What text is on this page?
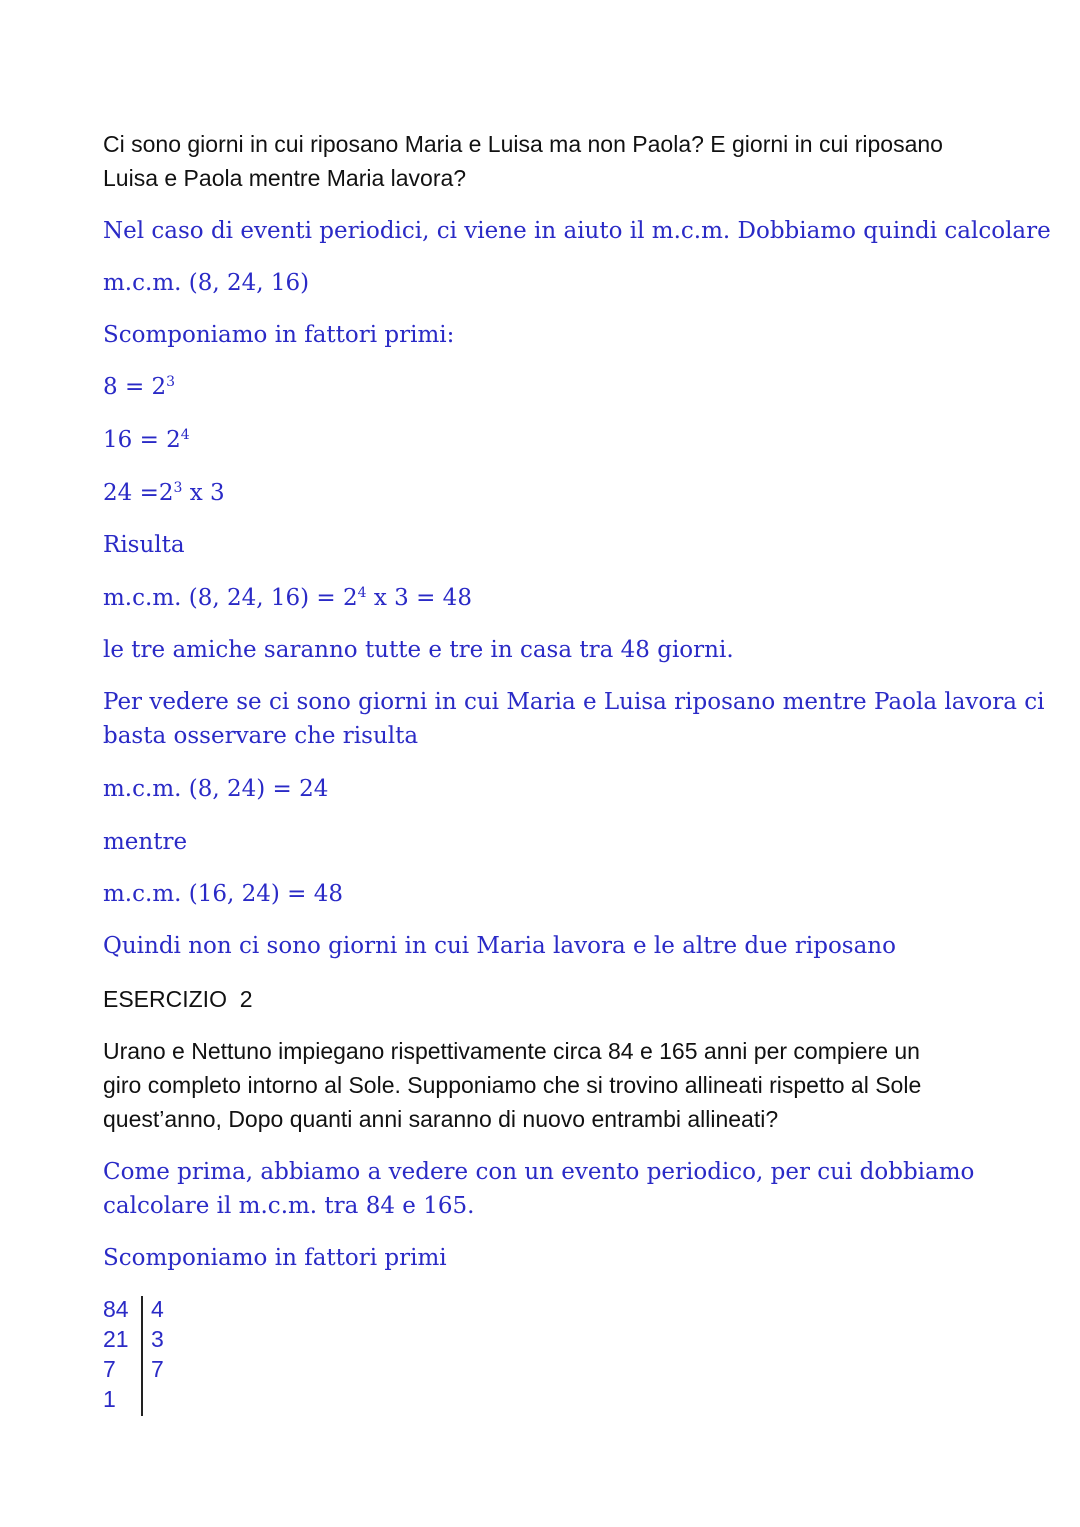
Ci sono giorni in cui riposano Maria e Luisa ma non Paola? E giorni in cui riposano
Luisa e Paola mentre Maria lavora?
Nel caso di eventi periodici, ci viene in aiuto il m.c.m. Dobbiamo quindi calcolare
m.c.m. (8, 24, 16)
Scomponiamo in fattori primi:
$8 = 2^3$
$16 = 2^4$
$24 =2^3$ x 3
Risulta
m.c.m. (8, 24, $16) = 2^4$ x 3 = 48
le tre amiche saranno tutte e tre in casa tra 48 giorni.
Per vedere se ci sono giorni in cui Maria e Luisa riposano mentre Paola lavora ci
basta osservare che risulta
m.c.m. (8, 24) = 24
mentre
m.c.m. (16, 24) = 48
Quindi non ci sono giorni in cui Maria lavora e le altre due riposano
ESERCIZIO  2
Urano e Nettuno impiegano rispettivamente circa 84 e 165 anni per compiere un
giro completo intorno al Sole. Supponiamo che si trovino allineati rispetto al Sole
quest’anno, Dopo quanti anni saranno di nuovo entrambi allineati?
Come prima, abbiamo a vedere con un evento periodico, per cui dobbiamo
calcolare il m.c.m. tra 84 e 165.
Scomponiamo in fattori primi
84
21
7
1
4
3
7
